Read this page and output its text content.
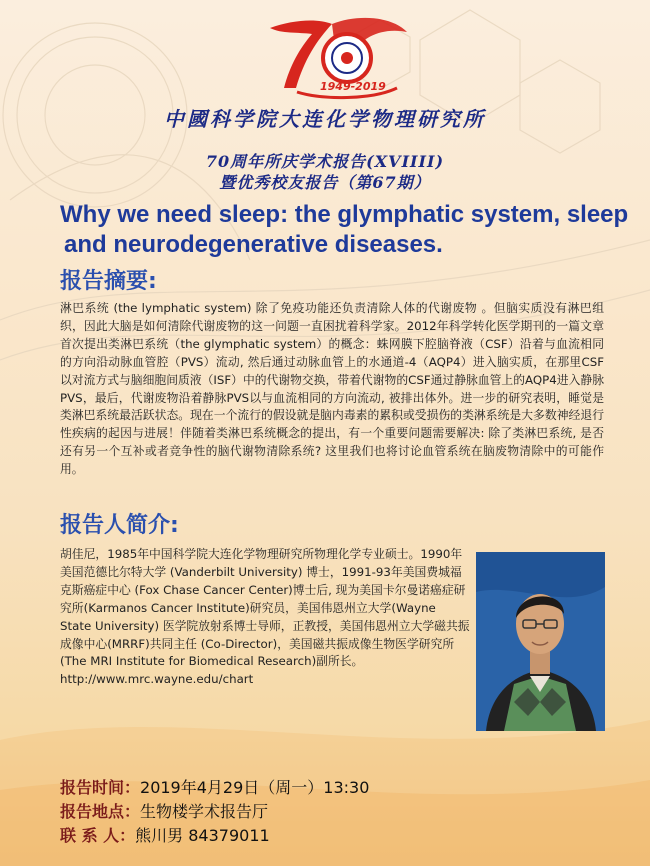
1949-2019
中國科学院大连化学物理研究所
70周年所庆学术报告(XVIIII)
暨优秀校友报告（第67期）
Why we need sleep: the glymphatic system, sleep

and neurodegenerative diseases.
报告摘要:
淋巴系统 (the lymphatic system) 除了免疫功能还负责清除人体的代谢废物 。但脑实质没有淋巴组织，因此大脑是如何清除代谢废物的这一问题一直困扰着科学家。2012年科学转化医学期刊的一篇文章首次提出类淋巴系统（the glymphatic system）的概念：蛛网膜下腔脑脊液（CSF）沿着与血流相同的方向沿动脉血管腔（PVS）流动, 然后通过动脉血管上的水通道-4（AQP4）进入脑实质，在那里CSF以对流方式与脑细胞间质液（ISF）中的代谢物交换，带着代谢物的CSF通过静脉血管上的AQP4进入静脉PVS，最后，代谢废物沿着静脉PVS以与血流相同的方向流动, 被排出体外。进一步的研究表明，睡觉是类淋巴系统最活跃状态。现在一个流行的假设就是脑内毒素的累积或受损伤的类淋系统是大多数神经退行性疾病的起因与进展！伴随着类淋巴系统概念的提出，有一个重要问题需要解决: 除了类淋巴系统, 是否还有另一个互补或者竞争性的脑代谢物清除系统? 这里我们也将讨论血管系统在脑废物清除中的可能作用。
报告人简介:
胡佳尼，1985年中国科学院大连化学物理研究所物理化学专业硕士。1990年美国范德比尔特大学 (Vanderbilt University) 博士，1991-93年美国费城福克斯癌症中心 (Fox Chase Cancer Center)博士后, 现为美国卡尔曼诺癌症研究所(Karmanos Cancer Institute)研究员，美国伟恩州立大学(Wayne State University) 医学院放射系博士导师，正教授，美国伟恩州立大学磁共振成像中心(MRRF)共同主任 (Co-Director)，美国磁共振成像生物医学研究所(The MRI Institute for Biomedical Research)副所长。
http://www.mrc.wayne.edu/chart
报告时间：2019年4月29日（周一）13:30
报告地点：生物楼学术报告厅
联 系 人：熊川男 84379011
